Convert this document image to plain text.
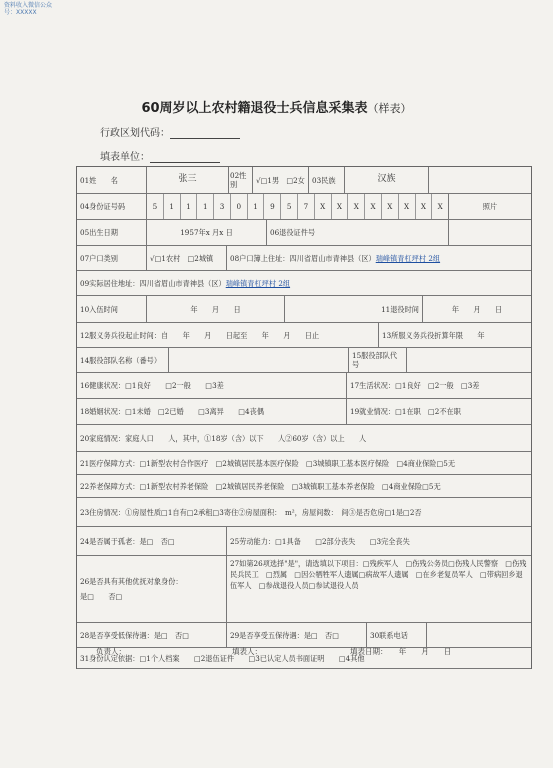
资料收入微信公众
号：XXXXX
60周岁以上农村籍退役士兵信息采集表（样表）
行政区划代码：
填表单位：
01姓　　名	张三	02性别	√□1男　□2女 03民族	汉族
04身份证号码	5	1	1	1	3	0	1	9	5	7	X	X	X	X	X	X	X	X	照片
05出生日期	1957年x 月x 日	06退役证件号
07户口类别	√□1农村　□2城镇	08户口簿上住址：四川省眉山市青神县（区） 瑞峰镇青杠坪村 2组
09实际居住地址：四川省眉山市青神县（区） 瑞峰镇青杠坪村 2组
10入伍时间	年　　月　　日	11退役时间	年　　月　　日
12服义务兵役起止时间：自　　年　　月　　日起至　　年　　月　　日止	13所服义务兵役折算年限　　年
14服役部队名称（番号）	15服役部队代号
16健康状况：□1良好　　□2一般　　□3差	17生活状况：□1良好　□2一般　□3差
18婚姻状况：□1未婚　□2已婚　　□3离异　　□4丧偶	19就业情况：□1在职　□2不在职
20家庭情况：家庭人口　　人，其中，①18岁（含）以下　　人②60岁（含）以上　　人
21医疗保障方式：□1新型农村合作医疗　□2城镇居民基本医疗保险　□3城镇职工基本医疗保险　□4商业保险□5无
22养老保障方式：□1新型农村养老保险　□2城镇居民养老保险　□3城镇职工基本养老保险　□4商业保险□5无
23住房情况：①房屋性质□1自有□2承租□3寄住②房屋面积：　m²，房屋间数：　间③是否危房□1是□2否
24是否属于孤老：是□　否□	25劳动能力：□1具备　　□2部分丧失　　□3完全丧失
26是否具有其他优抚对象身份：
是□　　否□
27如第26项选择"是"，请选填以下项目：□残疾军人　□伤残公务员□伤残人民警察　□伤残民兵民工　□烈属　□因公牺牲军人遗属□病故军人遗属　□在乡老复员军人　□带病回乡退伍军人　□参战退役人员□参试退役人员
28是否享受低保待遇：是□　否□	29是否享受五保待遇：是□　否□	30联系电话
31身份认定依据：□1个人档案　　□2退伍证件　　□3已认定人员书面证明　　□4其他
负责人：	填表人：	填表日期：　　年　　月　　日
